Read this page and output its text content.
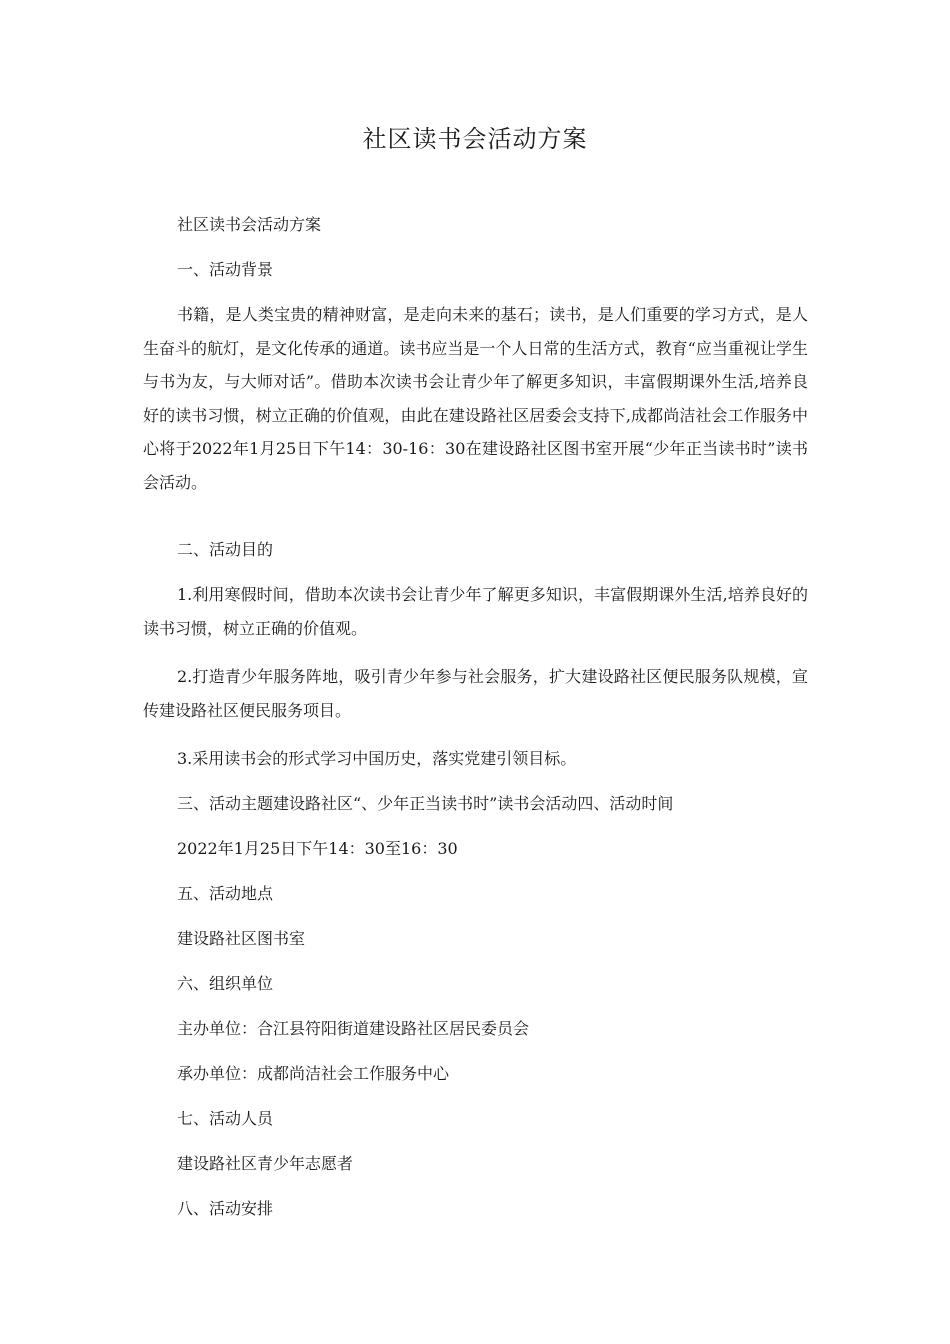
社区读书会活动方案
社区读书会活动方案
一、活动背景
书籍，是人类宝贵的精神财富，是走向未来的基石；读书，是人们重要的学习方式，是人生奋斗的航灯，是文化传承的通道。读书应当是一个人日常的生活方式，教育“应当重视让学生与书为友，与大师对话”。借助本次读书会让青少年了解更多知识，丰富假期课外生活,培养良好的读书习惯，树立正确的价值观，由此在建设路社区居委会支持下,成都尚洁社会工作服务中心将于2022年1月25日下午14：30-16：30在建设路社区图书室开展“少年正当读书时”读书会活动。
二、活动目的
1.利用寒假时间，借助本次读书会让青少年了解更多知识，丰富假期课外生活,培养良好的读书习惯，树立正确的价值观。
2.打造青少年服务阵地，吸引青少年参与社会服务，扩大建设路社区便民服务队规模，宣传建设路社区便民服务项目。
3.采用读书会的形式学习中国历史，落实党建引领目标。
三、活动主题建设路社区“、少年正当读书时”读书会活动四、活动时间
2022年1月25日下午14：30至16：30
五、活动地点
建设路社区图书室
六、组织单位
主办单位：合江县符阳街道建设路社区居民委员会
承办单位：成都尚洁社会工作服务中心
七、活动人员
建设路社区青少年志愿者
八、活动安排
